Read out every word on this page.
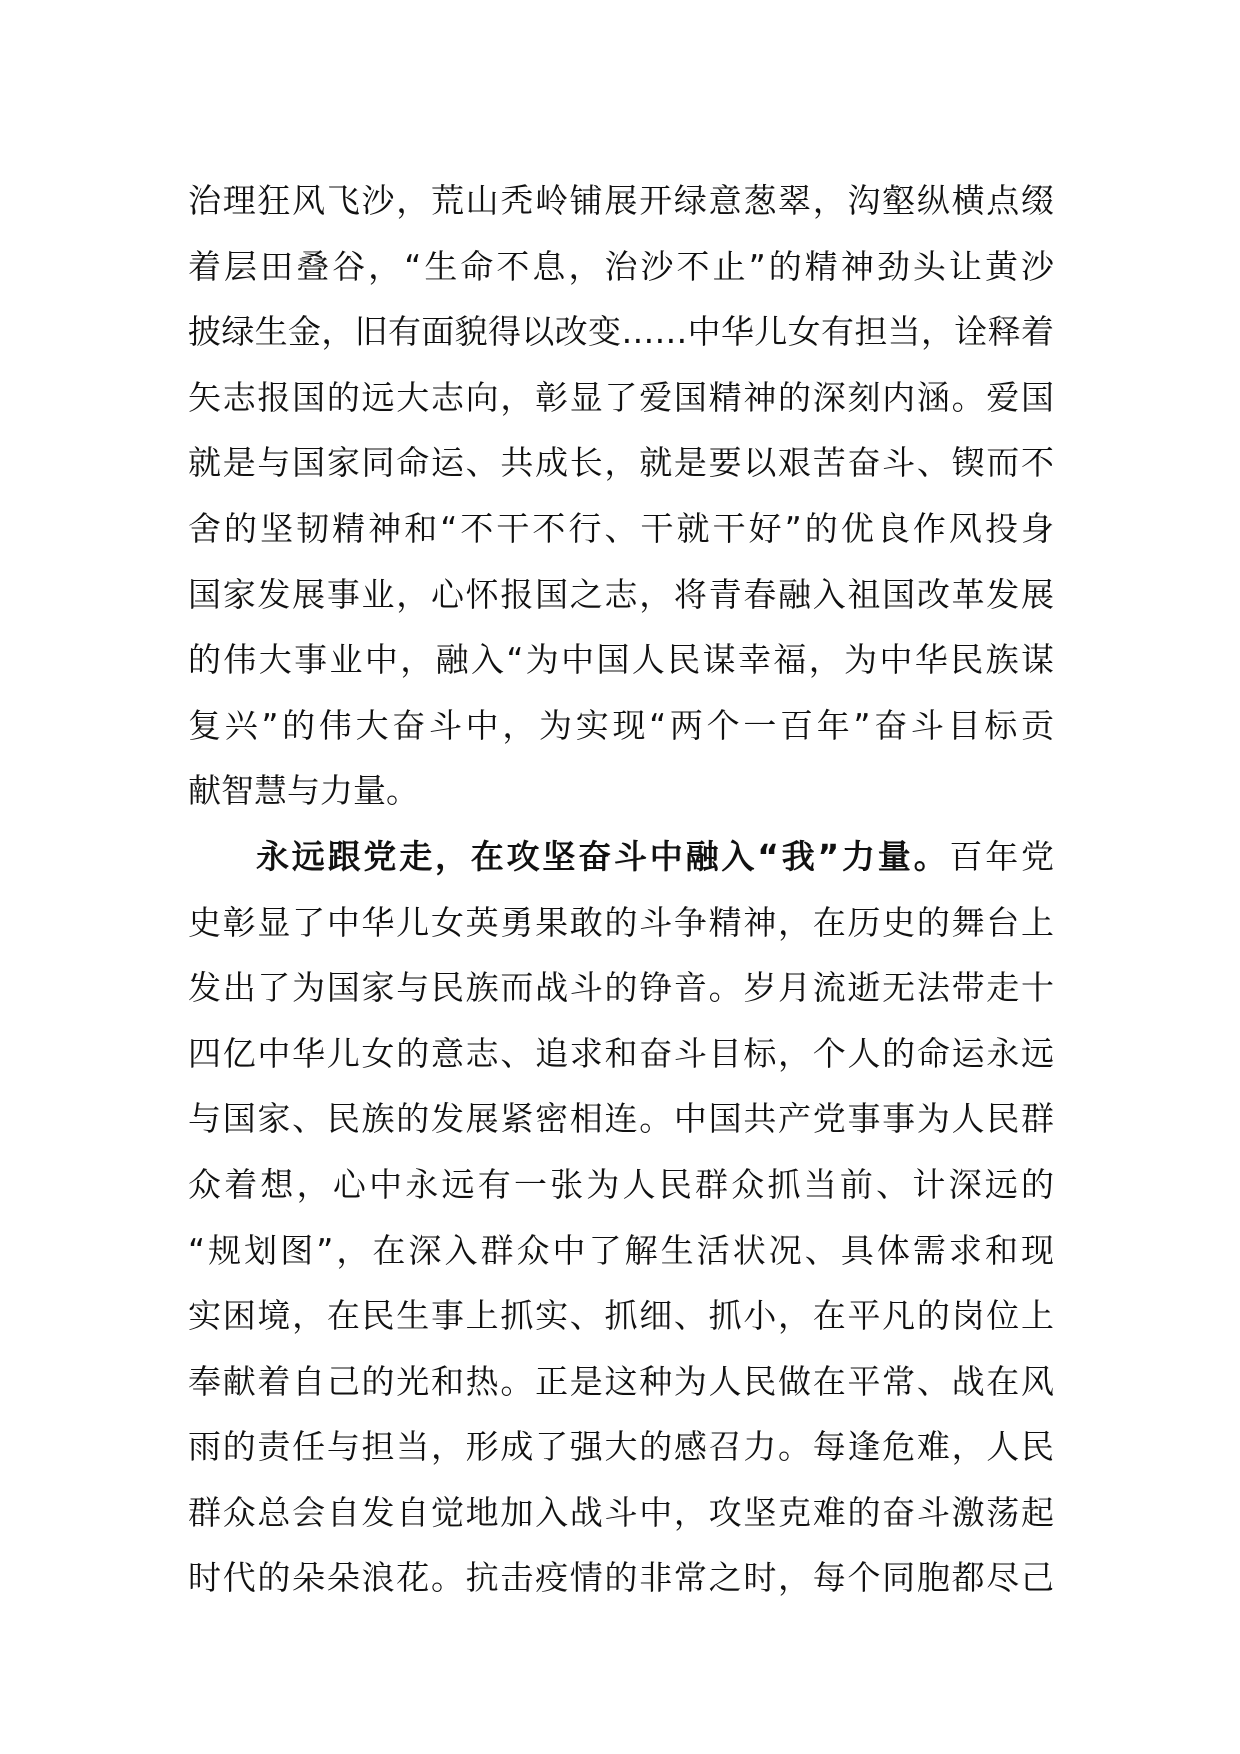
治理狂风飞沙，荒山秃岭铺展开绿意葱翠，沟壑纵横点缀
着层田叠谷，“生命不息，治沙不止”的精神劲头让黄沙
披绿生金，旧有面貌得以改变……中华儿女有担当，诠释着
矢志报国的远大志向，彰显了爱国精神的深刻内涵。爱国
就是与国家同命运、共成长，就是要以艰苦奋斗、锲而不
舍的坚韧精神和“不干不行、干就干好”的优良作风投身
国家发展事业，心怀报国之志，将青春融入祖国改革发展
的伟大事业中，融入“为中国人民谋幸福，为中华民族谋
复兴”的伟大奋斗中，为实现“两个一百年”奋斗目标贡
献智慧与力量。
永远跟党走，在攻坚奋斗中融入“我”力量。百年党
史彰显了中华儿女英勇果敢的斗争精神，在历史的舞台上
发出了为国家与民族而战斗的铮音。岁月流逝无法带走十
四亿中华儿女的意志、追求和奋斗目标，个人的命运永远
与国家、民族的发展紧密相连。中国共产党事事为人民群
众着想，心中永远有一张为人民群众抓当前、计深远的
“规划图”，在深入群众中了解生活状况、具体需求和现
实困境，在民生事上抓实、抓细、抓小，在平凡的岗位上
奉献着自己的光和热。正是这种为人民做在平常、战在风
雨的责任与担当，形成了强大的感召力。每逢危难，人民
群众总会自发自觉地加入战斗中，攻坚克难的奋斗激荡起
时代的朵朵浪花。抗击疫情的非常之时，每个同胞都尽己
